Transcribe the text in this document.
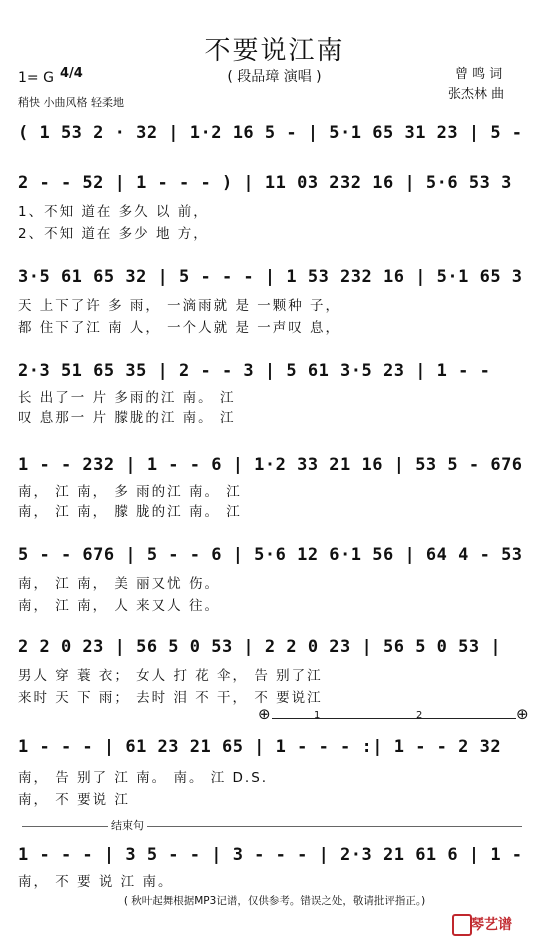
不要说江南
( 段品璋 演唱 )
1= G 4/4
稍快 小曲风格 轻柔地
曾 鸣 词
张杰林 曲
( 1 53 2 · 32 | 1·2 16 5 - | 5·1 65 31 23 | 5 -
2 - - 52 | 1 - - - ) | 11 03 232 16 | 5·6 53 3
1、不知 道在 多久 以 前，
2、不知 道在 多少 地 方，
3·5 61 65 32 | 5 - - - | 1 53 232 16 | 5·1 65 3
天 上下了许 多 雨， 一滴雨就 是 一颗种 子，
都 住下了江 南 人， 一个人就 是 一声叹 息，
2·3 51 65 35 | 2 - - 3 | 5 61 3·5 23 | 1 - -
长 出了一 片 多雨的江 南。 江
叹 息那一 片 朦胧的江 南。 江
1 - - 232 | 1 - - 6 | 1·2 33 21 16 | 53 5 - 676
南， 江 南， 多 雨的江 南。 江
南， 江 南， 朦 胧的江 南。 江
5 - - 676 | 5 - - 6 | 5·6 12 6·1 56 | 64 4 - 53
南， 江 南， 美 丽又忧 伤。
南， 江 南， 人 来又人 往。
2 2 0 23 | 56 5 0 53 | 2 2 0 23 | 56 5 0 53 |
男人 穿 蓑 衣； 女人 打 花 伞， 告 别了江
来时 天 下 雨； 去时 泪 不 干， 不 要说江
⊕	⊕
1	2
1 - - - | 61 23 21 65 | 1 - - - :| 1 - - 2 32
南， 告 别了 江 南。 南。 江 D.S.
南， 不 要说 江
结束句
1 - - - | 3 5 - - | 3 - - - | 2·3 21 61 6 | 1 -
南， 不 要 说 江 南。
( 秋叶起舞根据MP3记谱，仅供参考。错误之处，敬请批评指正。)
琴艺谱
